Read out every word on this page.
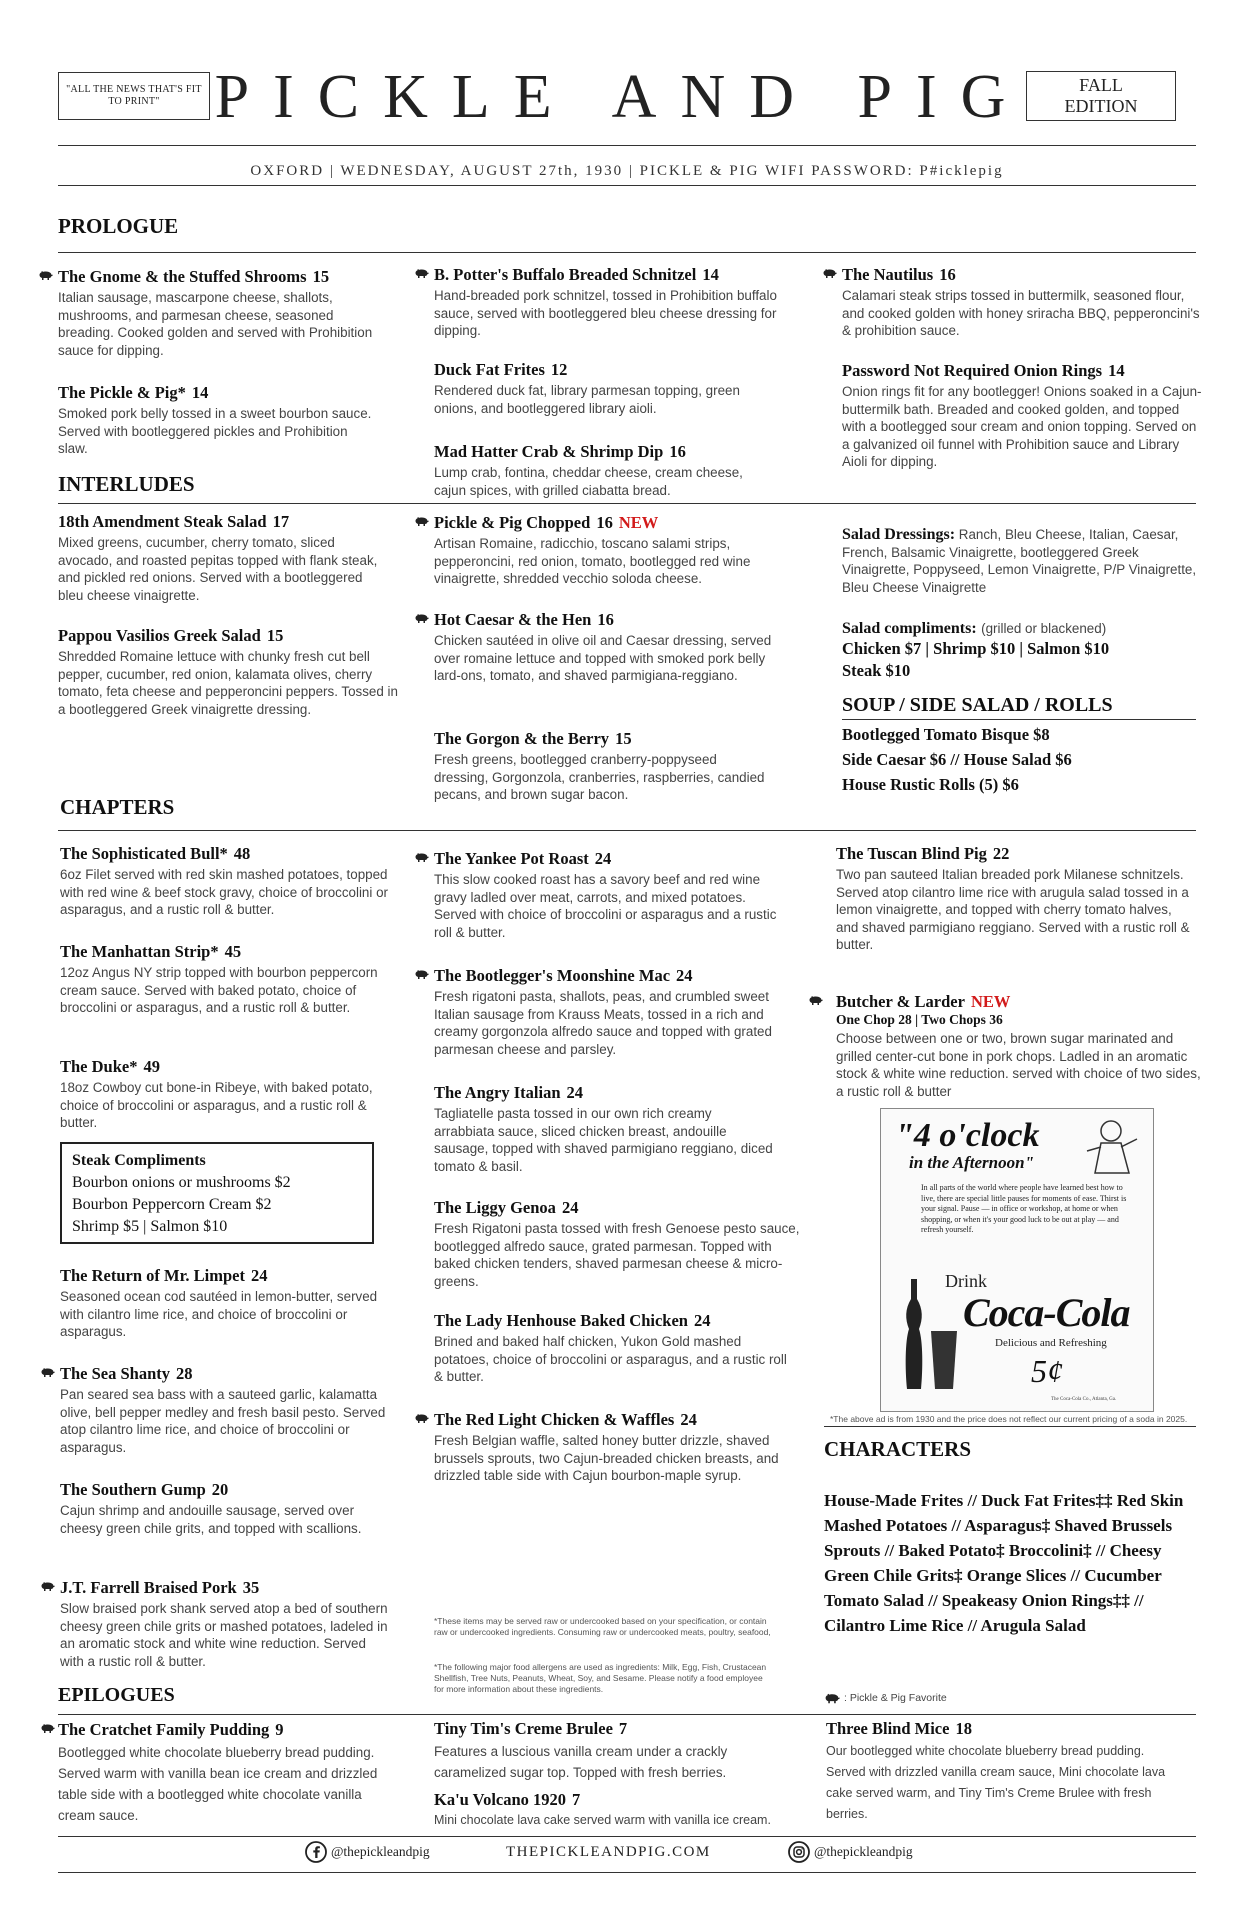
"ALL THE NEWS THAT'S FIT TO PRINT" PICKLE AND PIG	FALL EDITION
OXFORD | WEDNESDAY, AUGUST 27th, 1930 | PICKLE & PIG WIFI PASSWORD: P#icklepig
PROLOGUE
The Gnome & the Stuffed Shrooms 15
Italian sausage, mascarpone cheese, shallots, mushrooms, and parmesan cheese, seasoned breading. Cooked golden and served with Prohibition sauce for dipping.
The Pickle & Pig* 14
Smoked pork belly tossed in a sweet bourbon sauce. Served with bootleggered pickles and Prohibition slaw.
B. Potter's Buffalo Breaded Schnitzel 14
Hand-breaded pork schnitzel, tossed in Prohibition buffalo sauce, served with bootleggered bleu cheese dressing for dipping.
Duck Fat Frites 12
Rendered duck fat, library parmesan topping, green onions, and bootleggered library aioli.
Mad Hatter Crab & Shrimp Dip 16
Lump crab, fontina, cheddar cheese, cream cheese, cajun spices, with grilled ciabatta bread.
The Nautilus 16
Calamari steak strips tossed in buttermilk, seasoned flour, and cooked golden with honey sriracha BBQ, pepperoncini's & prohibition sauce.
Password Not Required Onion Rings 14
Onion rings fit for any bootlegger! Onions soaked in a Cajun-buttermilk bath. Breaded and cooked golden, and topped with a bootlegged sour cream and onion topping. Served on a galvanized oil funnel with Prohibition sauce and Library Aioli for dipping.
INTERLUDES
18th Amendment Steak Salad 17
Mixed greens, cucumber, cherry tomato, sliced avocado, and roasted pepitas topped with flank steak, and pickled red onions. Served with a bootleggered bleu cheese vinaigrette.
Pappou Vasilios Greek Salad 15
Shredded Romaine lettuce with chunky fresh cut bell pepper, cucumber, red onion, kalamata olives, cherry tomato, feta cheese and pepperoncini peppers. Tossed in a bootleggered Greek vinaigrette dressing.
Pickle & Pig Chopped 16 NEW
Artisan Romaine, radicchio, toscano salami strips, pepperoncini, red onion, tomato, bootlegged red wine vinaigrette, shredded vecchio soloda cheese.
Hot Caesar & the Hen 16
Chicken sautéed in olive oil and Caesar dressing, served over romaine lettuce and topped with smoked pork belly lard-ons, tomato, and shaved parmigiana-reggiano.
The Gorgon & the Berry 15
Fresh greens, bootlegged cranberry-poppyseed dressing, Gorgonzola, cranberries, raspberries, candied pecans, and brown sugar bacon.
Salad Dressings: Ranch, Bleu Cheese, Italian, Caesar, French, Balsamic Vinaigrette, bootleggered Greek Vinaigrette, Poppyseed, Lemon Vinaigrette, P/P Vinaigrette, Bleu Cheese Vinaigrette
Salad compliments: (grilled or blackened)
Chicken $7 | Shrimp $10 | Salmon $10
Steak $10
SOUP / SIDE SALAD / ROLLS
Bootlegged Tomato Bisque $8
Side Caesar $6 // House Salad $6
House Rustic Rolls (5) $6
CHAPTERS
The Sophisticated Bull* 48
6oz Filet served with red skin mashed potatoes, topped with red wine & beef stock gravy, choice of broccolini or asparagus, and a rustic roll & butter.
The Manhattan Strip* 45
12oz Angus NY strip topped with bourbon peppercorn cream sauce. Served with baked potato, choice of broccolini or asparagus, and a rustic roll & butter.
The Duke* 49
18oz Cowboy cut bone-in Ribeye, with baked potato, choice of broccolini or asparagus, and a rustic roll & butter.
Steak Compliments
Bourbon onions or mushrooms $2
Bourbon Peppercorn Cream $2
Shrimp $5 | Salmon $10
The Return of Mr. Limpet 24
Seasoned ocean cod sautéed in lemon-butter, served with cilantro lime rice, and choice of broccolini or asparagus.
The Sea Shanty 28
Pan seared sea bass with a sauteed garlic, kalamatta olive, bell pepper medley and fresh basil pesto. Served atop cilantro lime rice, and choice of broccolini or asparagus.
The Southern Gump 20
Cajun shrimp and andouille sausage, served over cheesy green chile grits, and topped with scallions.
J.T. Farrell Braised Pork 35
Slow braised pork shank served atop a bed of southern cheesy green chile grits or mashed potatoes, ladeled in an aromatic stock and white wine reduction. Served with a rustic roll & butter.
The Yankee Pot Roast 24
This slow cooked roast has a savory beef and red wine gravy ladled over meat, carrots, and mixed potatoes. Served with choice of broccolini or asparagus and a rustic roll & butter.
The Bootlegger's Moonshine Mac 24
Fresh rigatoni pasta, shallots, peas, and crumbled sweet Italian sausage from Krauss Meats, tossed in a rich and creamy gorgonzola alfredo sauce and topped with grated parmesan cheese and parsley.
The Angry Italian 24
Tagliatelle pasta tossed in our own rich creamy arrabbiata sauce, sliced chicken breast, andouille sausage, topped with shaved parmigiano reggiano, diced tomato & basil.
The Liggy Genoa 24
Fresh Rigatoni pasta tossed with fresh Genoese pesto sauce, bootlegged alfredo sauce, grated parmesan. Topped with baked chicken tenders, shaved parmesan cheese & micro-greens.
The Lady Henhouse Baked Chicken 24
Brined and baked half chicken, Yukon Gold mashed potatoes, choice of broccolini or asparagus, and a rustic roll & butter.
The Red Light Chicken & Waffles 24
Fresh Belgian waffle, salted honey butter drizzle, shaved brussels sprouts, two Cajun-breaded chicken breasts, and drizzled table side with Cajun bourbon-maple syrup.
The Tuscan Blind Pig 22
Two pan sauteed Italian breaded pork Milanese schnitzels. Served atop cilantro lime rice with arugula salad tossed in a lemon vinaigrette, and topped with cherry tomato halves, and shaved parmigiano reggiano. Served with a rustic roll & butter.
Butcher & Larder NEW
One Chop 28 | Two Chops 36
Choose between one or two, brown sugar marinated and grilled center-cut bone in pork chops. Ladled in an aromatic stock & white wine reduction. served with choice of two sides, a rustic roll & butter
"4 o'clock
in the Afternoon"
In all parts of the world where people have learned best how to live, there are special little pauses for moments of ease. Thirst is your signal. Pause — in office or workshop, at home or when shopping, or when it's your good luck to be out at play — and refresh yourself.
Drink
Coca-Cola
Delicious and Refreshing
5¢
The Coca-Cola Co., Atlanta, Ga.
*The above ad is from 1930 and the price does not reflect our current pricing of a soda in 2025.
CHARACTERS
House-Made Frites // Duck Fat Frites‡‡ Red Skin Mashed Potatoes // Asparagus‡ Shaved Brussels Sprouts // Baked Potato‡ Broccolini‡ // Cheesy Green Chile Grits‡ Orange Slices // Cucumber Tomato Salad // Speakeasy Onion Rings‡‡ // Cilantro Lime Rice // Arugula Salad
*These items may be served raw or undercooked based on your specification, or contain raw or undercooked ingredients. Consuming raw or undercooked meats, poultry, seafood,
*The following major food allergens are used as ingredients: Milk, Egg, Fish, Crustacean Shellfish, Tree Nuts, Peanuts, Wheat, Soy, and Sesame. Please notify a food employee for more information about these ingredients.
: Pickle & Pig Favorite
EPILOGUES
The Cratchet Family Pudding 9
Bootlegged white chocolate blueberry bread pudding. Served warm with vanilla bean ice cream and drizzled table side with a bootlegged white chocolate vanilla cream sauce.
Tiny Tim's Creme Brulee 7
Features a luscious vanilla cream under a crackly caramelized sugar top. Topped with fresh berries.
Ka'u Volcano 1920 7
Mini chocolate lava cake served warm with vanilla ice cream.
Three Blind Mice 18
Our bootlegged white chocolate blueberry bread pudding. Served with drizzled vanilla cream sauce, Mini chocolate lava cake served warm, and Tiny Tim's Creme Brulee with fresh berries.
@thepickleandpig	THEPICKLEANDPIG.COM	@thepickleandpig
